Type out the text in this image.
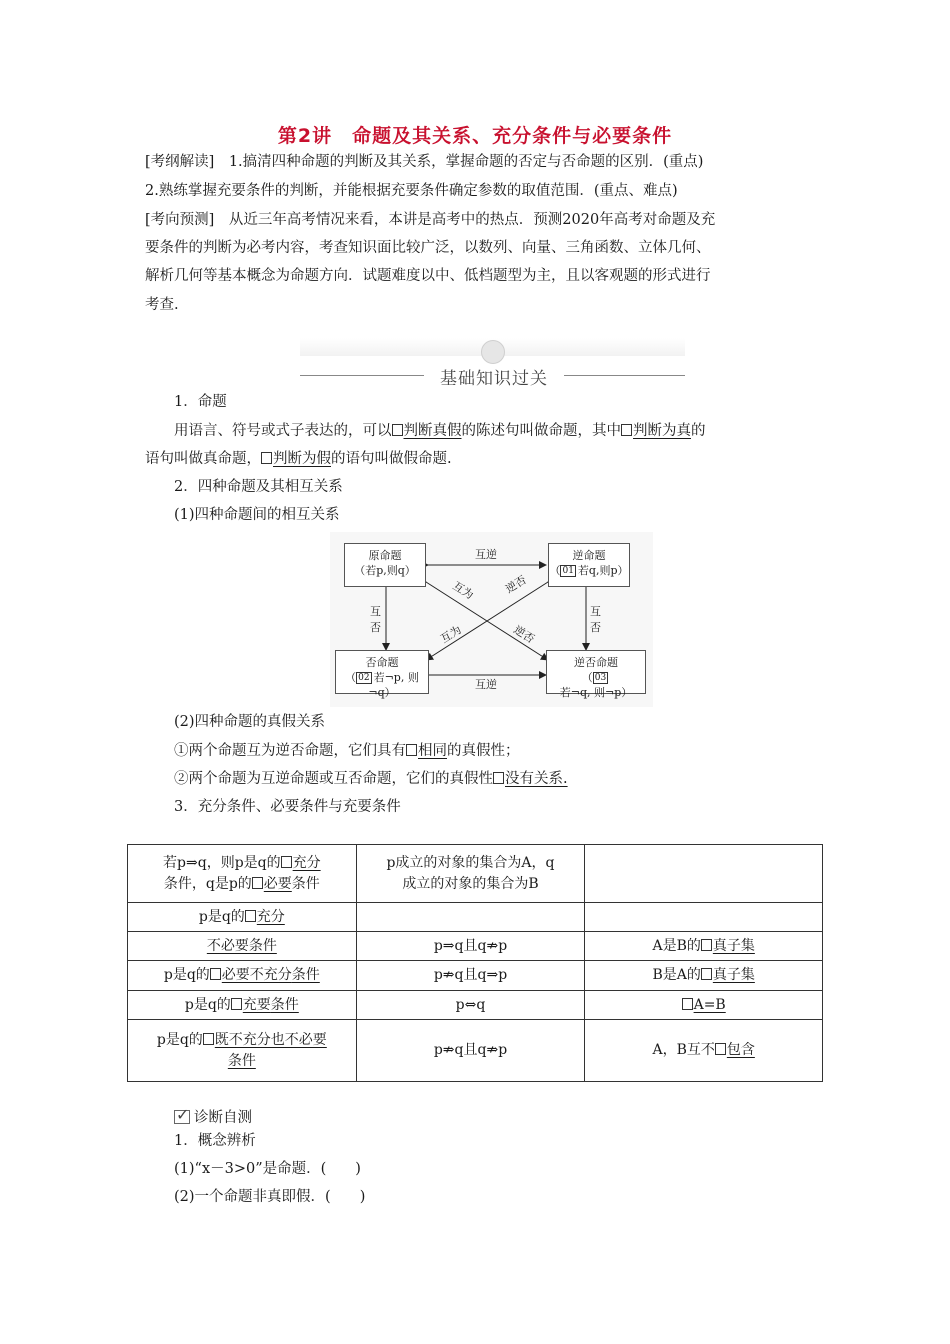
第2讲　命题及其关系、充分条件与必要条件
[考纲解读]　1.搞清四种命题的判断及其关系，掌握命题的否定与否命题的区别．(重点)
2.熟练掌握充要条件的判断，并能根据充要条件确定参数的取值范围．(重点、难点)
[考向预测]　从近三年高考情况来看，本讲是高考中的热点．预测2020年高考对命题及充
要条件的判断为必考内容，考查知识面比较广泛，以数列、向量、三角函数、立体几何、
解析几何等基本概念为命题方向．试题难度以中、低档题型为主，且以客观题的形式进行
考查.
基础知识过关
1．命题
用语言、符号或式子表达的，可以 判断真假的陈述句叫做命题，其中 判断为真的
语句叫做真命题， 判断为假的语句叫做假命题.
2．四种命题及其相互关系
(1)四种命题间的相互关系
原命题
（若p,则q）
逆命题
（ 01 若q,则p）
否命题
（ 02 若¬p, 则¬q）
逆否命题
（ 03若¬q, 则¬p）
互逆
互逆
互
否
互
否
互为 逆否
互为	逆否
(2)四种命题的真假关系
①两个命题互为逆否命题，它们具有 相同的真假性；
②两个命题为互逆命题或互否命题，它们的真假性 没有关系.
3．充分条件、必要条件与充要条件
若p⇒q，则p是q的 充分
条件，q是p的 必要条件	p成立的对象的集合为A，q
成立的对象的集合为B	
p是q的 充分		
不必要条件	p⇒q且q⇏p	A是B的 真子集
p是q的 必要不充分条件	p⇏q且q⇒p	B是A的 真子集
p是q的 充要条件	p⇔q	A=B
p是q的 既不充分也不必要
条件	p⇏q且q⇏p	A，B互不 包含
✓诊断自测
1．概念辨析
(1)“x－3>0”是命题．(　　)
(2)一个命题非真即假．(　　)
